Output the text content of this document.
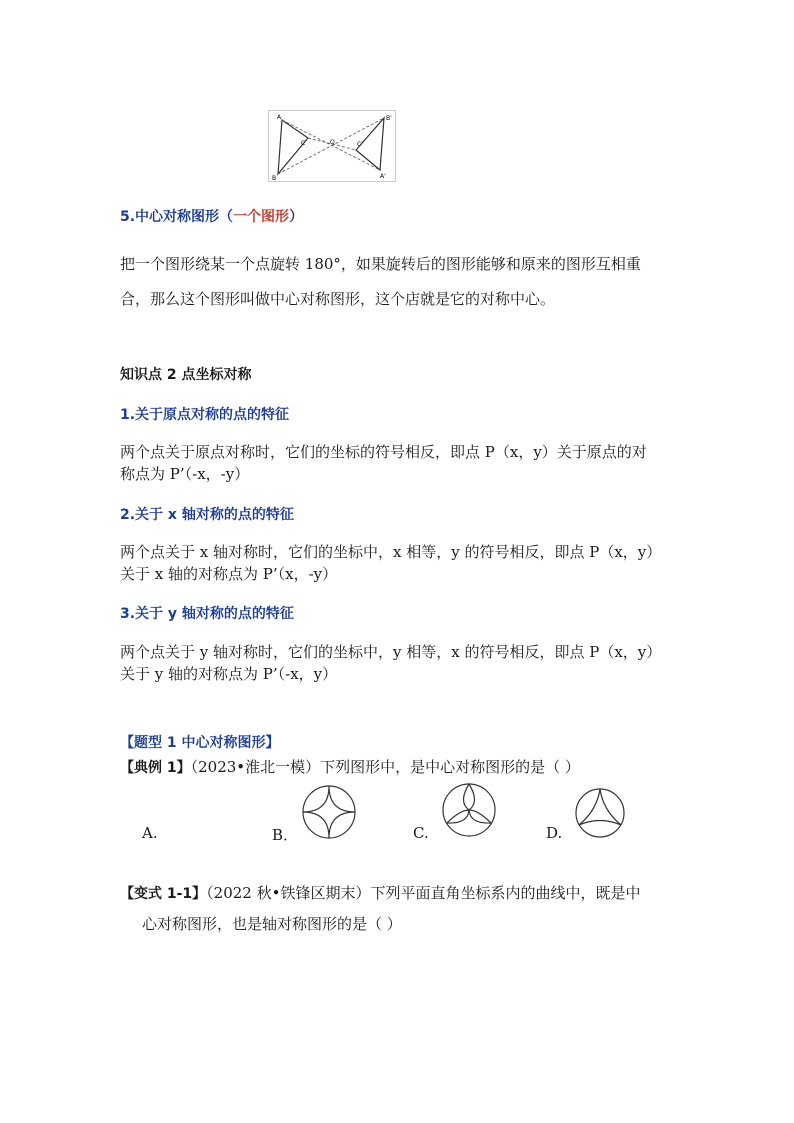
A
B
C	O	C'
B'
A'
5.中心对称图形（一个图形）
把一个图形绕某一个点旋转 180°，如果旋转后的图形能够和原来的图形互相重
合，那么这个图形叫做中心对称图形，这个店就是它的对称中心。
知识点 2 点坐标对称
1.关于原点对称的点的特征
两个点关于原点对称时，它们的坐标的符号相反，即点 P（x，y）关于原点的对
称点为 P’（-x，-y）
2.关于 x 轴对称的点的特征
两个点关于 x 轴对称时，它们的坐标中，x 相等，y 的符号相反，即点 P（x，y）
关于 x 轴的对称点为 P’（x，-y）
3.关于 y 轴对称的点的特征
两个点关于 y 轴对称时，它们的坐标中，y 相等，x 的符号相反，即点 P（x，y）
关于 y 轴的对称点为 P’（-x，y）
【题型 1 中心对称图形】
【典例 1】（2023•淮北一模）下列图形中，是中心对称图形的是（ ）
A.	B．	C.	D.
【变式 1-1】（2022 秋•铁锋区期末）下列平面直角坐标系内的曲线中，既是中
心对称图形，也是轴对称图形的是（ ）
